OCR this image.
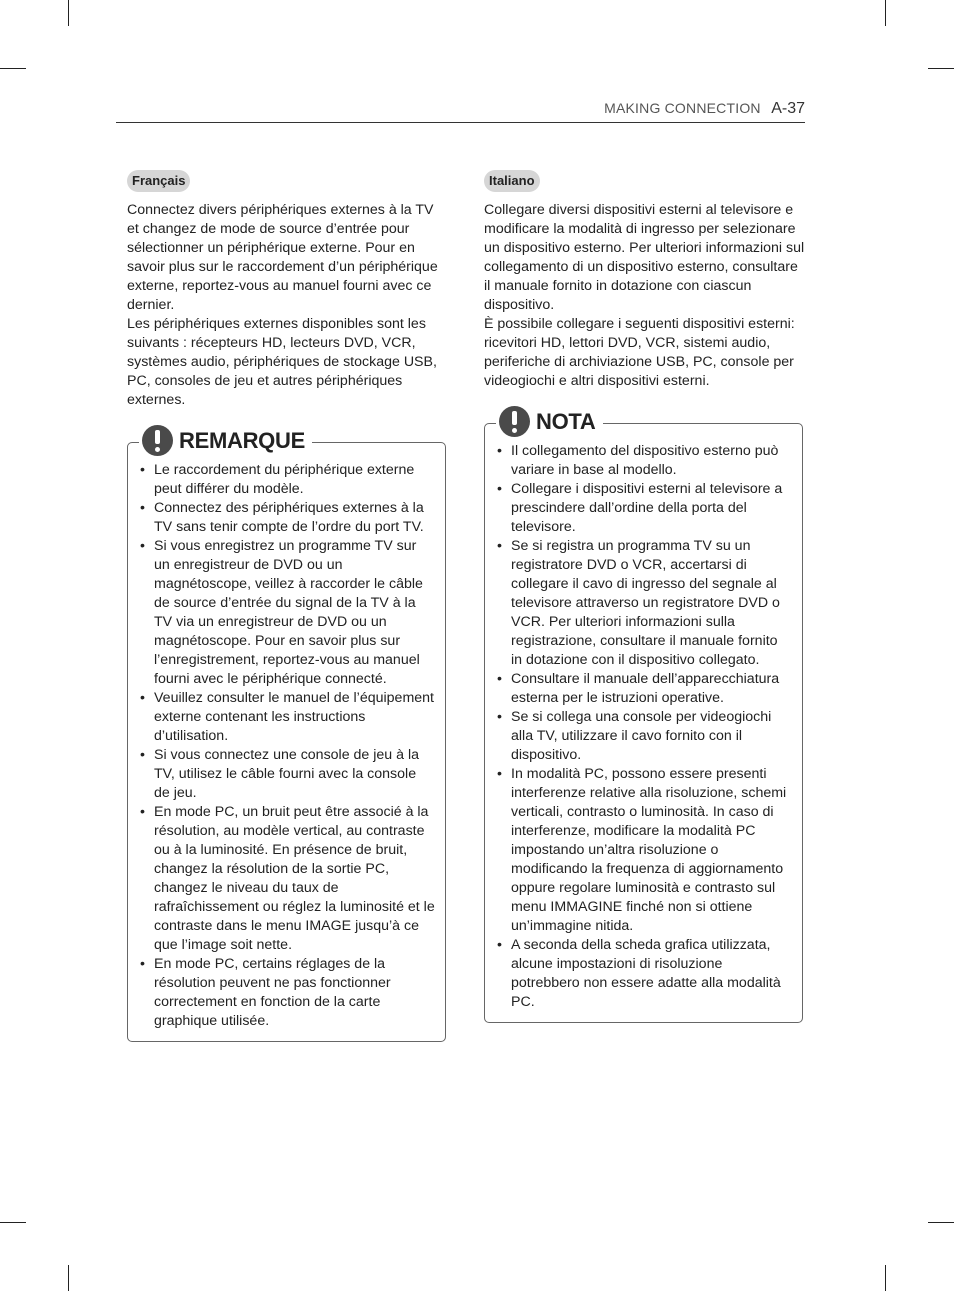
MAKING CONNECTION A-37
Français

Connectez divers périphériques externes à la TV et changez de mode de source d’entrée pour sélectionner un périphérique externe. Pour en savoir plus sur le raccordement d’un périphérique externe, reportez-vous au manuel fourni avec ce dernier.

Les périphériques externes disponibles sont les suivants : récepteurs HD, lecteurs DVD, VCR, systèmes audio, périphériques de stockage USB, PC, consoles de jeu et autres périphériques externes.

REMARQUE
• Le raccordement du périphérique externe peut différer du modèle.
• Connectez des périphériques externes à la TV sans tenir compte de l’ordre du port TV.
• Si vous enregistrez un programme TV sur un enregistreur de DVD ou un magnétoscope, veillez à raccorder le câble de source d’entrée du signal de la TV à la TV via un enregistreur de DVD ou un magnétoscope. Pour en savoir plus sur l’enregistrement, reportez-vous au manuel fourni avec le périphérique connecté.
• Veuillez consulter le manuel de l’équipement externe contenant les instructions d’utilisation.
• Si vous connectez une console de jeu à la TV, utilisez le câble fourni avec la console de jeu.
• En mode PC, un bruit peut être associé à la résolution, au modèle vertical, au contraste ou à la luminosité. En présence de bruit, changez la résolution de la sortie PC, changez le niveau du taux de rafraîchissement ou réglez la luminosité et le contraste dans le menu IMAGE jusqu’à ce que l’image soit nette.
• En mode PC, certains réglages de la résolution peuvent ne pas fonctionner correctement en fonction de la carte graphique utilisée.
Italiano

Collegare diversi dispositivi esterni al televisore e modificare la modalità di ingresso per selezionare un dispositivo esterno. Per ulteriori informazioni sul collegamento di un dispositivo esterno, consultare il manuale fornito in dotazione con ciascun dispositivo.

È possibile collegare i seguenti dispositivi esterni: ricevitori HD, lettori DVD, VCR, sistemi audio, periferiche di archiviazione USB, PC, console per videogiochi e altri dispositivi esterni.

NOTA
• Il collegamento del dispositivo esterno può variare in base al modello.
• Collegare i dispositivi esterni al televisore a prescindere dall’ordine della porta del televisore.
• Se si registra un programma TV su un registratore DVD o VCR, accertarsi di collegare il cavo di ingresso del segnale al televisore attraverso un registratore DVD o VCR. Per ulteriori informazioni sulla registrazione, consultare il manuale fornito in dotazione con il dispositivo collegato.
• Consultare il manuale dell’apparecchiatura esterna per le istruzioni operative.
• Se si collega una console per videogiochi alla TV, utilizzare il cavo fornito con il dispositivo.
• In modalità PC, possono essere presenti interferenze relative alla risoluzione, schemi verticali, contrasto o luminosità. In caso di interferenze, modificare la modalità PC impostando un’altra risoluzione o modificando la frequenza di aggiornamento oppure regolare luminosità e contrasto sul menu IMMAGINE finché non si ottiene un’immagine nitida.
• A seconda della scheda grafica utilizzata, alcune impostazioni di risoluzione potrebbero non essere adatte alla modalità PC.
